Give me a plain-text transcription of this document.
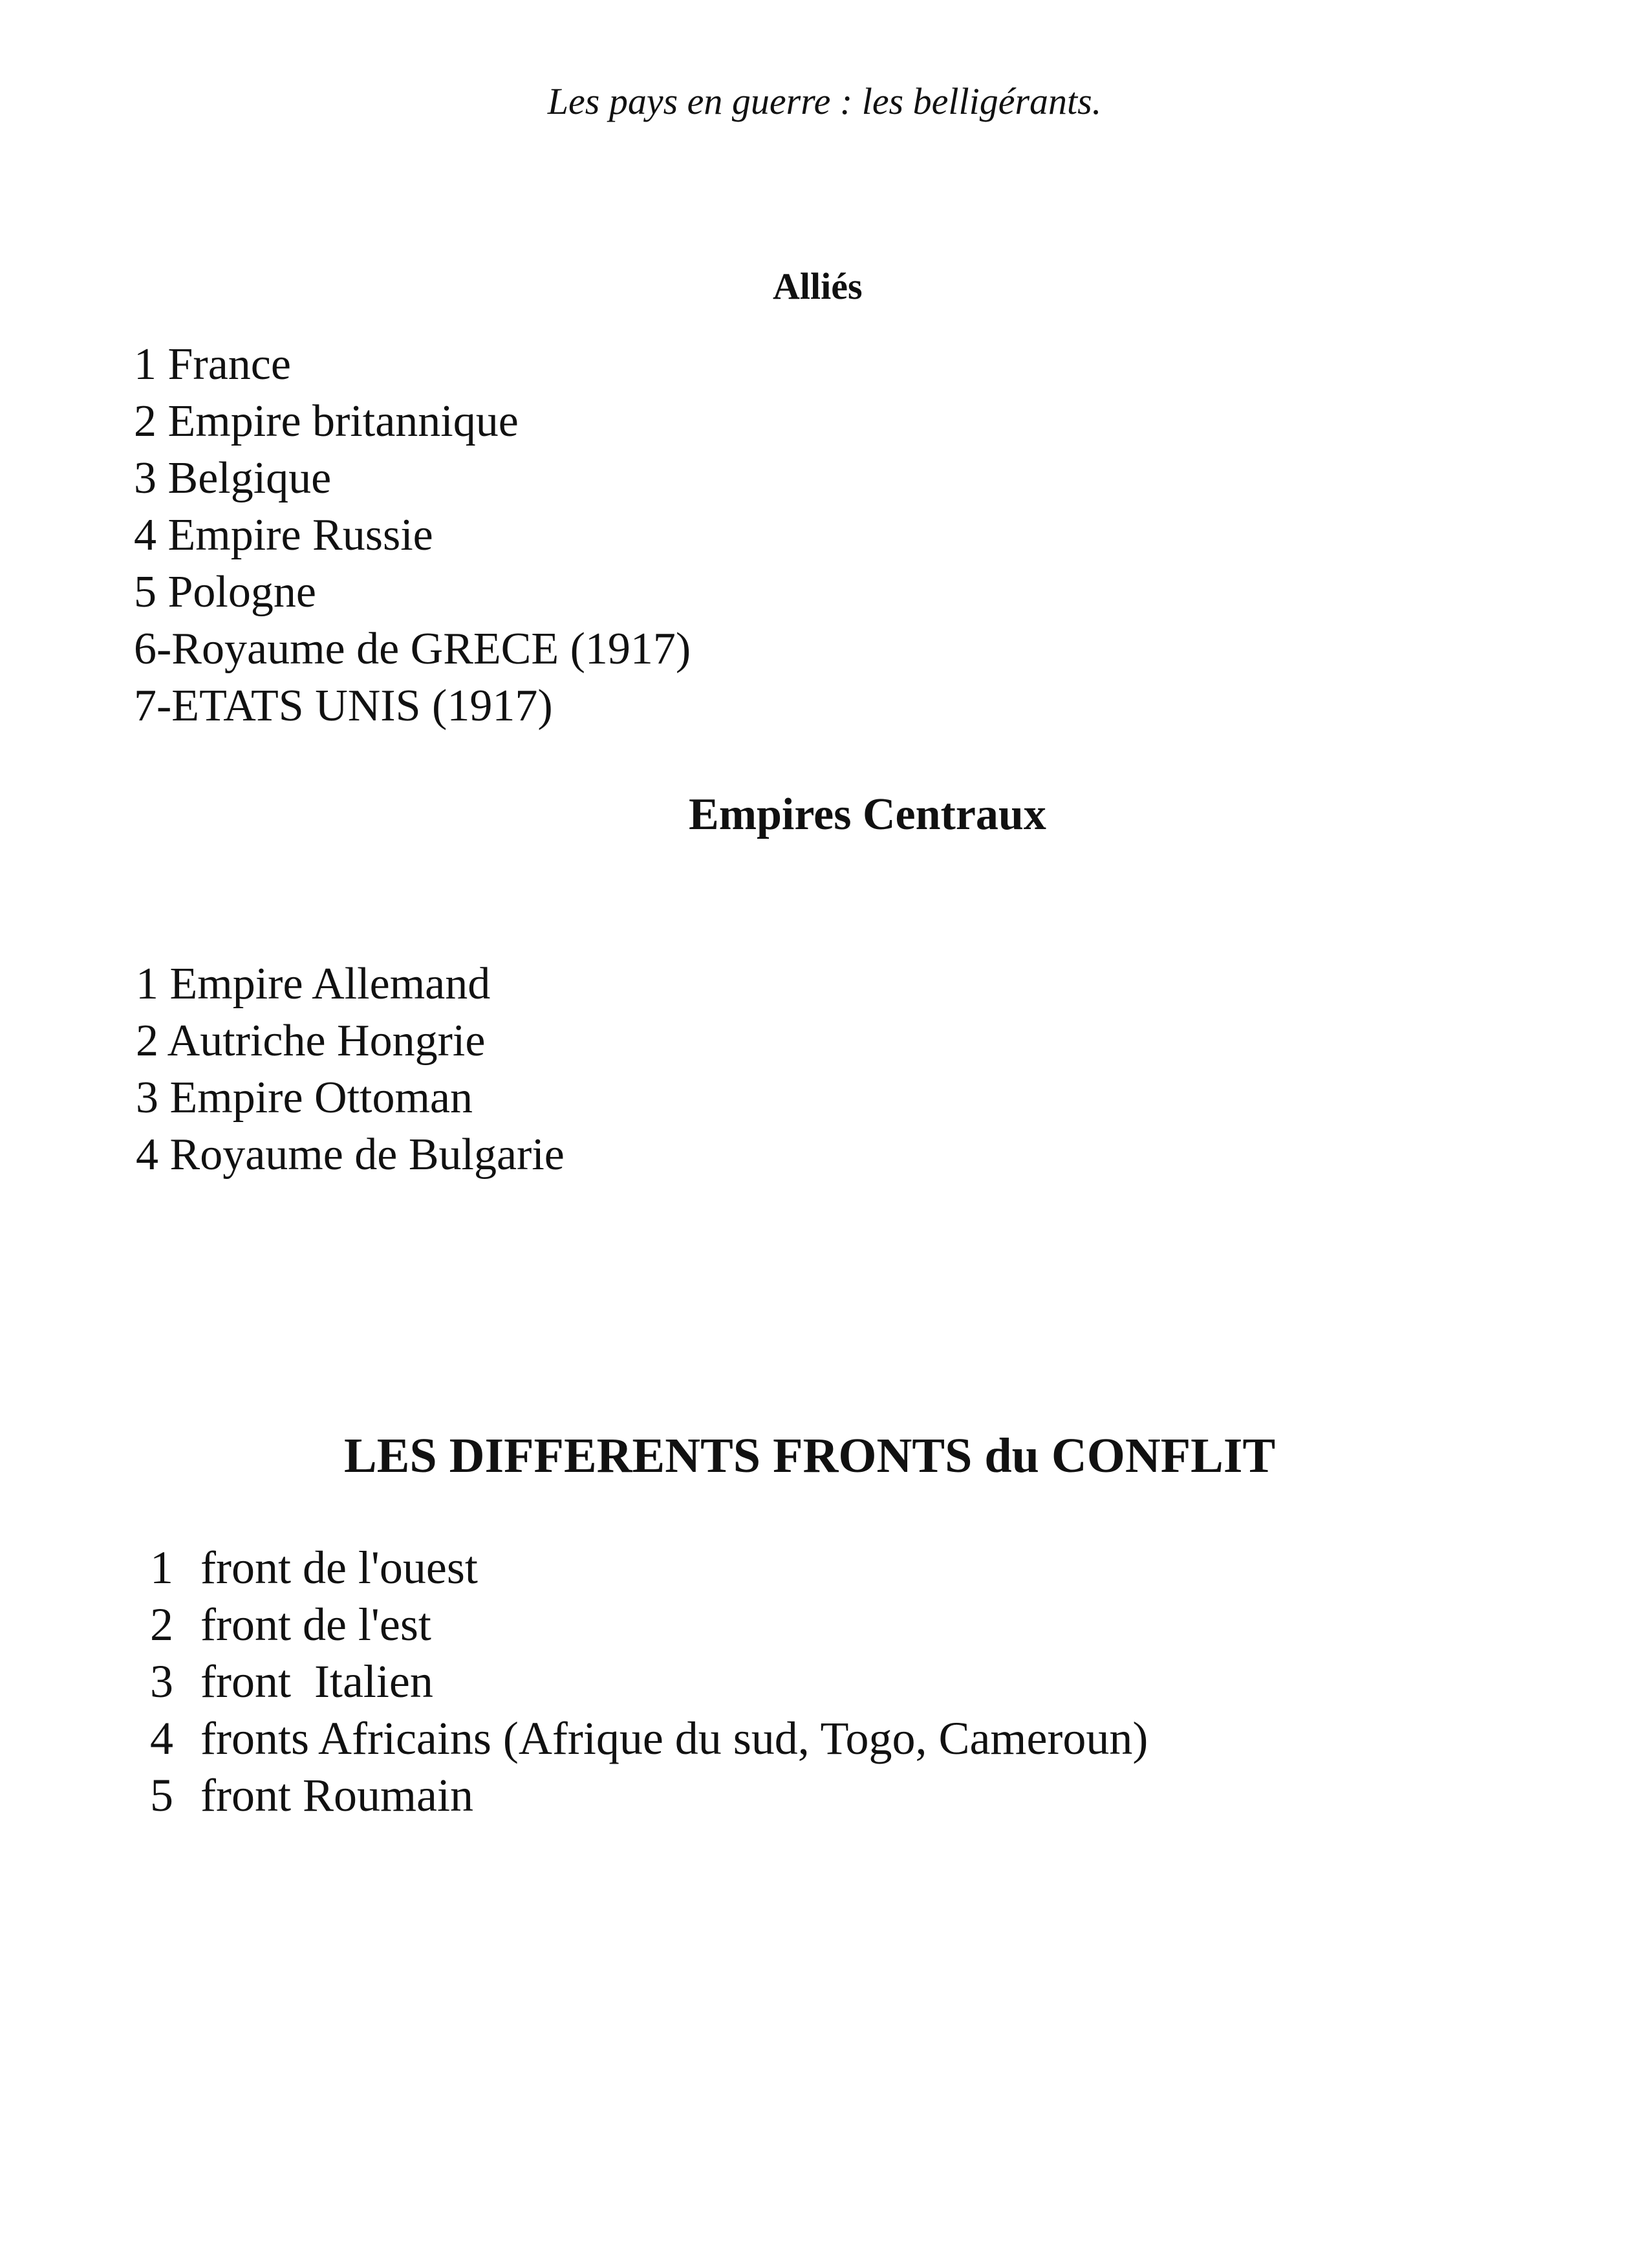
Les pays en guerre : les belligérants.
Alliés
1 France
2 Empire britannique
3 Belgique
4 Empire Russie
5 Pologne
6-Royaume de GRECE (1917)
7-ETATS UNIS (1917)
Empires Centraux
1 Empire Allemand
2 Autriche Hongrie
3 Empire Ottoman
4 Royaume de Bulgarie
LES DIFFERENTS FRONTS du CONFLIT
1 front de l'ouest
2 front de l'est
3 front  Italien
4 fronts Africains (Afrique du sud, Togo, Cameroun)
5 front Roumain
